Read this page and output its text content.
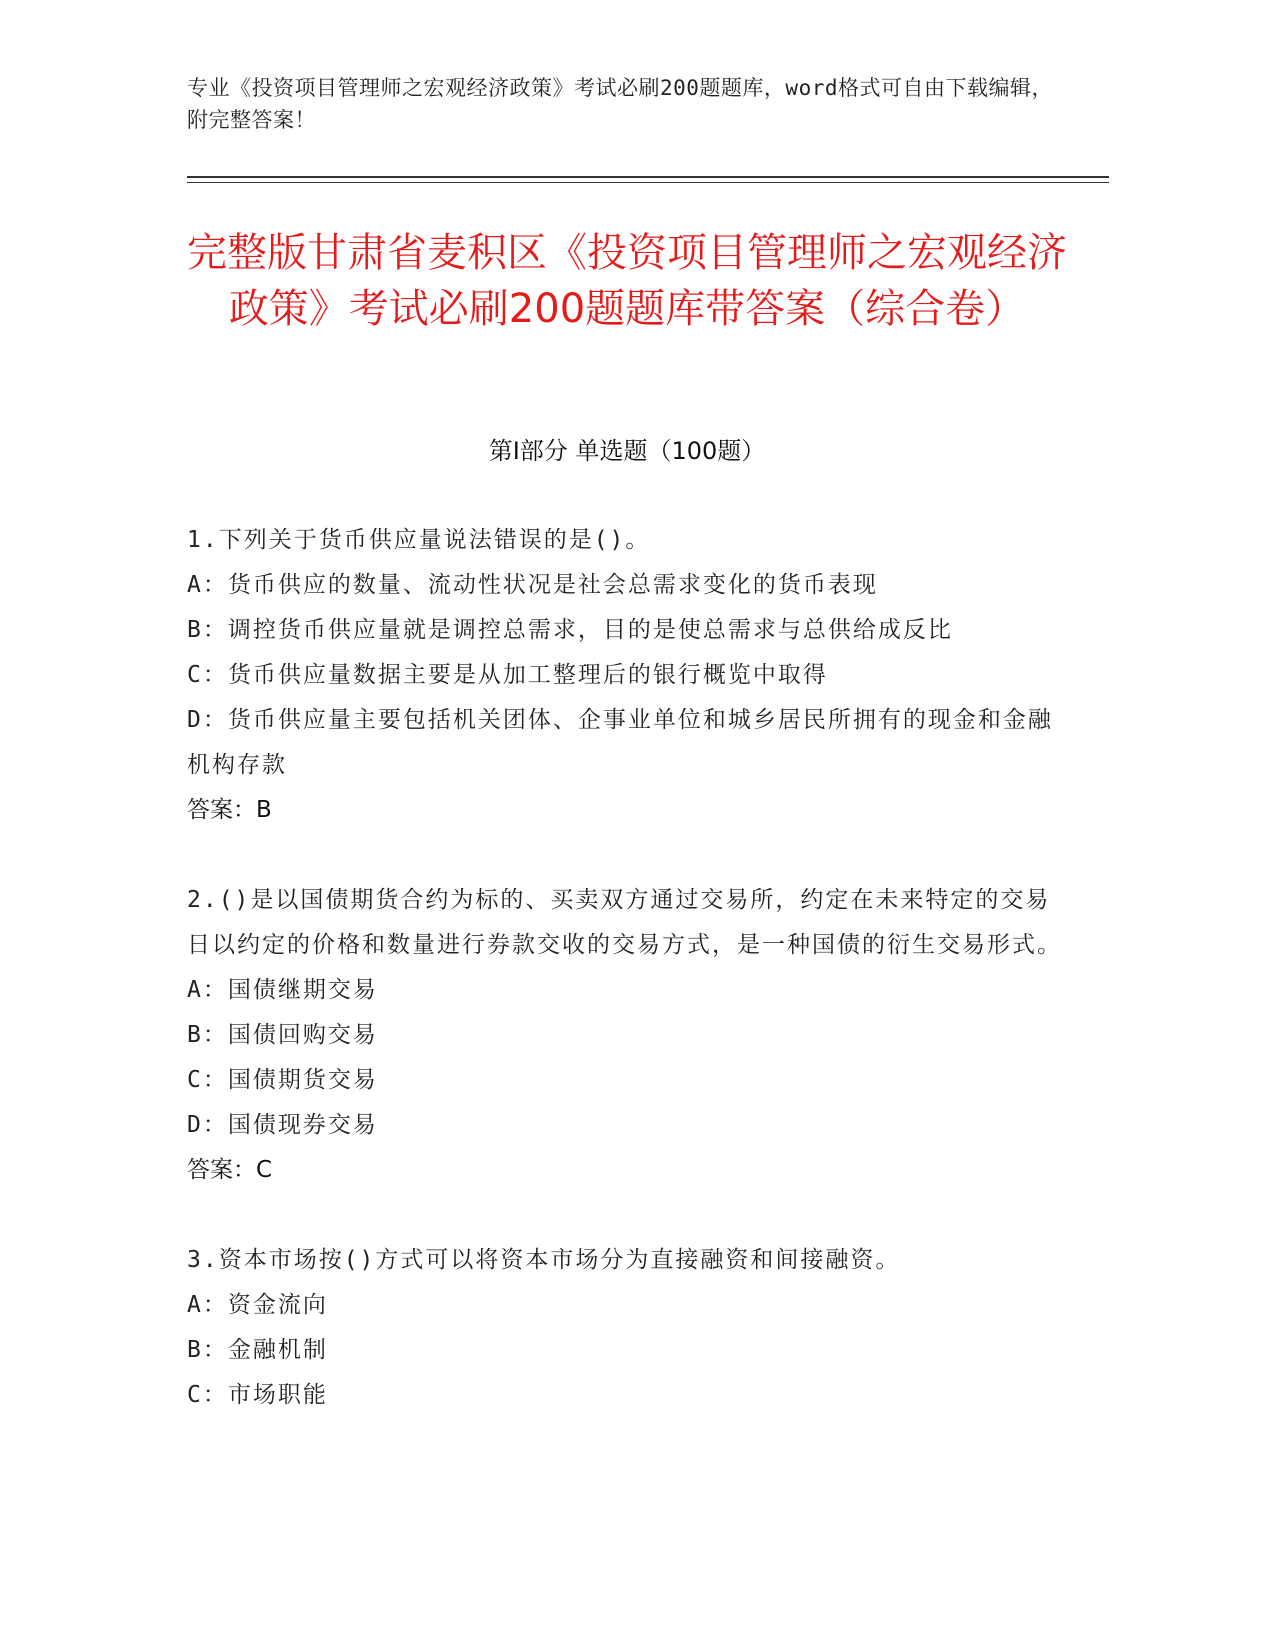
专业《投资项目管理师之宏观经济政策》考试必刷200题题库，word格式可自由下载编辑，附完整答案！
完整版甘肃省麦积区《投资项目管理师之宏观经济政策》考试必刷200题题库带答案（综合卷）
第Ⅰ部分 单选题（100题）
1.下列关于货币供应量说法错误的是()。
A：货币供应的数量、流动性状况是社会总需求变化的货币表现
B：调控货币供应量就是调控总需求，目的是使总需求与总供给成反比
C：货币供应量数据主要是从加工整理后的银行概览中取得
D：货币供应量主要包括机关团体、企事业单位和城乡居民所拥有的现金和金融机构存款
答案：B
2.()是以国债期货合约为标的、买卖双方通过交易所，约定在未来特定的交易日以约定的价格和数量进行券款交收的交易方式，是一种国债的衍生交易形式。
A：国债继期交易
B：国债回购交易
C：国债期货交易
D：国债现券交易
答案：C
3.资本市场按()方式可以将资本市场分为直接融资和间接融资。
A：资金流向
B：金融机制
C：市场职能
